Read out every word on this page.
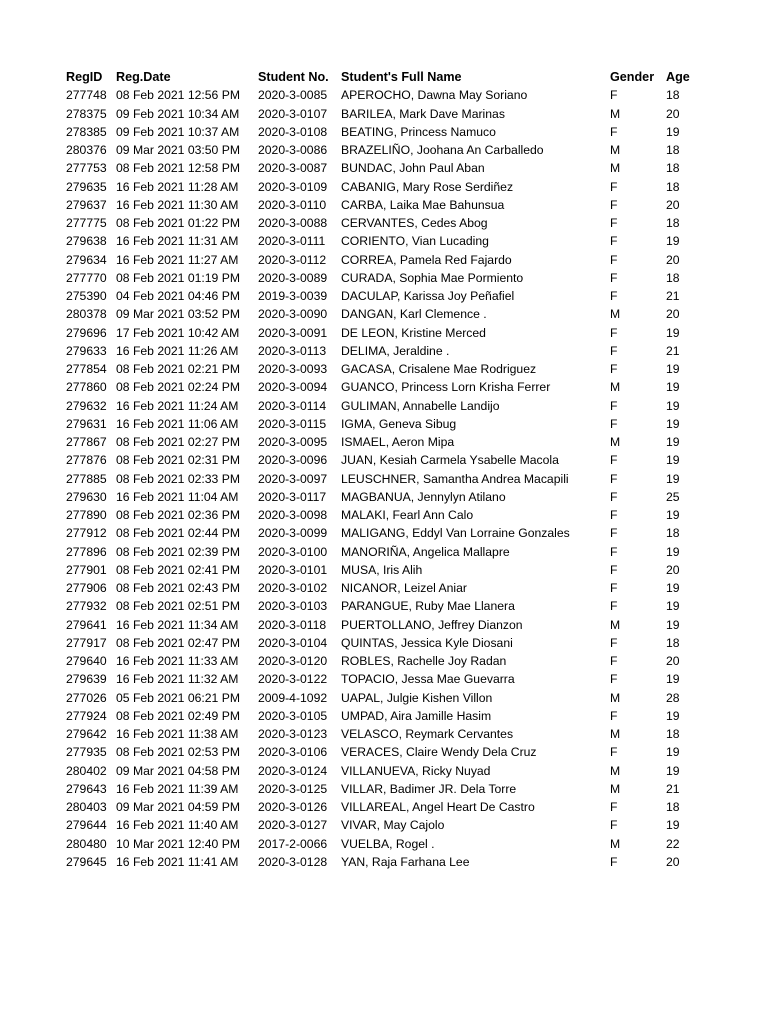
RegID	Reg.Date	Student No.	Student's Full Name	Gender	Age
277748	08 Feb 2021 12:56 PM	2020-3-0085	APEROCHO, Dawna May Soriano	F	18
278375	09 Feb 2021 10:34 AM	2020-3-0107	BARILEA, Mark Dave Marinas	M	20
278385	09 Feb 2021 10:37 AM	2020-3-0108	BEATING, Princess Namuco	F	19
280376	09 Mar 2021 03:50 PM	2020-3-0086	BRAZELIÑO, Joohana An Carballedo	M	18
277753	08 Feb 2021 12:58 PM	2020-3-0087	BUNDAC, John Paul Aban	M	18
279635	16 Feb 2021 11:28 AM	2020-3-0109	CABANIG, Mary Rose Serdiñez	F	18
279637	16 Feb 2021 11:30 AM	2020-3-0110	CARBA, Laika Mae Bahunsua	F	20
277775	08 Feb 2021 01:22 PM	2020-3-0088	CERVANTES, Cedes Abog	F	18
279638	16 Feb 2021 11:31 AM	2020-3-0111	CORIENTO, Vian Lucading	F	19
279634	16 Feb 2021 11:27 AM	2020-3-0112	CORREA, Pamela Red Fajardo	F	20
277770	08 Feb 2021 01:19 PM	2020-3-0089	CURADA, Sophia Mae Pormiento	F	18
275390	04 Feb 2021 04:46 PM	2019-3-0039	DACULAP, Karissa Joy Peñafiel	F	21
280378	09 Mar 2021 03:52 PM	2020-3-0090	DANGAN, Karl Clemence .	M	20
279696	17 Feb 2021 10:42 AM	2020-3-0091	DE LEON, Kristine Merced	F	19
279633	16 Feb 2021 11:26 AM	2020-3-0113	DELIMA, Jeraldine .	F	21
277854	08 Feb 2021 02:21 PM	2020-3-0093	GACASA, Crisalene Mae Rodriguez	F	19
277860	08 Feb 2021 02:24 PM	2020-3-0094	GUANCO, Princess Lorn Krisha Ferrer	M	19
279632	16 Feb 2021 11:24 AM	2020-3-0114	GULIMAN, Annabelle Landijo	F	19
279631	16 Feb 2021 11:06 AM	2020-3-0115	IGMA, Geneva Sibug	F	19
277867	08 Feb 2021 02:27 PM	2020-3-0095	ISMAEL, Aeron Mipa	M	19
277876	08 Feb 2021 02:31 PM	2020-3-0096	JUAN, Kesiah Carmela Ysabelle Macola	F	19
277885	08 Feb 2021 02:33 PM	2020-3-0097	LEUSCHNER, Samantha Andrea Macapili	F	19
279630	16 Feb 2021 11:04 AM	2020-3-0117	MAGBANUA, Jennylyn Atilano	F	25
277890	08 Feb 2021 02:36 PM	2020-3-0098	MALAKI, Fearl Ann Calo	F	19
277912	08 Feb 2021 02:44 PM	2020-3-0099	MALIGANG, Eddyl Van Lorraine Gonzales	F	18
277896	08 Feb 2021 02:39 PM	2020-3-0100	MANORIÑA, Angelica Mallapre	F	19
277901	08 Feb 2021 02:41 PM	2020-3-0101	MUSA, Iris Alih	F	20
277906	08 Feb 2021 02:43 PM	2020-3-0102	NICANOR, Leizel Aniar	F	19
277932	08 Feb 2021 02:51 PM	2020-3-0103	PARANGUE, Ruby Mae Llanera	F	19
279641	16 Feb 2021 11:34 AM	2020-3-0118	PUERTOLLANO, Jeffrey Dianzon	M	19
277917	08 Feb 2021 02:47 PM	2020-3-0104	QUINTAS, Jessica Kyle Diosani	F	18
279640	16 Feb 2021 11:33 AM	2020-3-0120	ROBLES, Rachelle Joy Radan	F	20
279639	16 Feb 2021 11:32 AM	2020-3-0122	TOPACIO, Jessa Mae Guevarra	F	19
277026	05 Feb 2021 06:21 PM	2009-4-1092	UAPAL, Julgie Kishen Villon	M	28
277924	08 Feb 2021 02:49 PM	2020-3-0105	UMPAD, Aira Jamille Hasim	F	19
279642	16 Feb 2021 11:38 AM	2020-3-0123	VELASCO, Reymark Cervantes	M	18
277935	08 Feb 2021 02:53 PM	2020-3-0106	VERACES, Claire Wendy Dela Cruz	F	19
280402	09 Mar 2021 04:58 PM	2020-3-0124	VILLANUEVA, Ricky Nuyad	M	19
279643	16 Feb 2021 11:39 AM	2020-3-0125	VILLAR, Badimer JR. Dela Torre	M	21
280403	09 Mar 2021 04:59 PM	2020-3-0126	VILLAREAL, Angel Heart De Castro	F	18
279644	16 Feb 2021 11:40 AM	2020-3-0127	VIVAR, May Cajolo	F	19
280480	10 Mar 2021 12:40 PM	2017-2-0066	VUELBA, Rogel .	M	22
279645	16 Feb 2021 11:41 AM	2020-3-0128	YAN, Raja Farhana Lee	F	20
